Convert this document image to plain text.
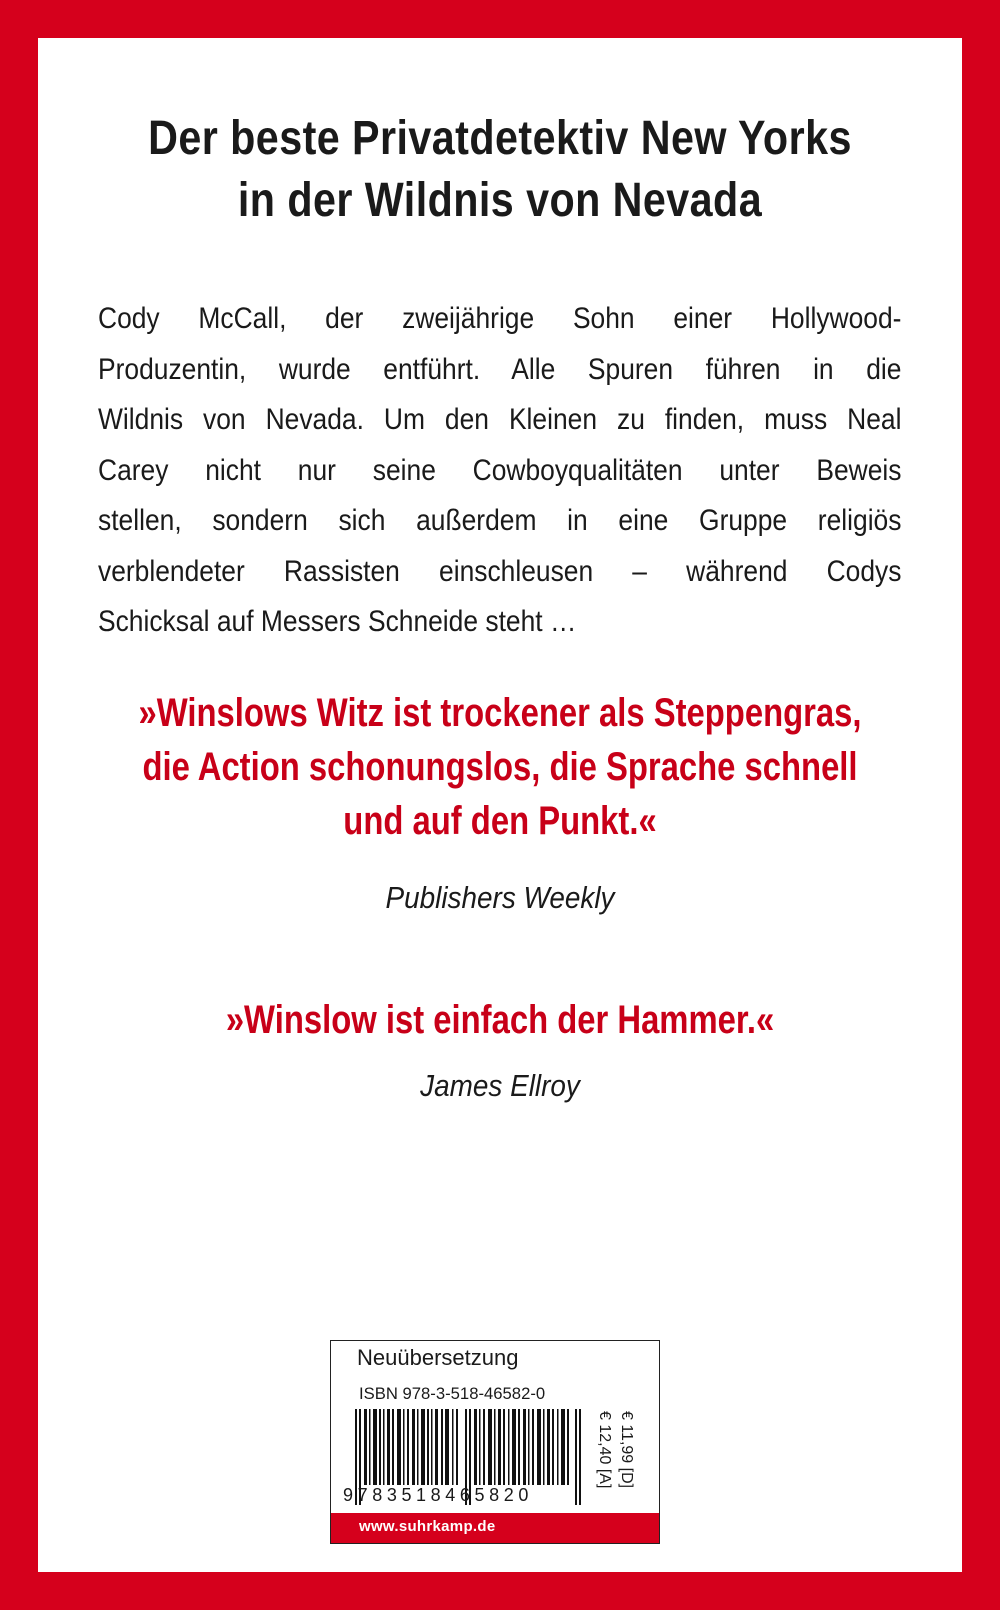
Der beste Privatdetektiv New Yorks
in der Wildnis von Nevada
Cody McCall, der zweijährige Sohn einer Hollywood-
Produzentin, wurde entführt. Alle Spuren führen in die
Wildnis von Nevada. Um den Kleinen zu finden, muss Neal
Carey nicht nur seine Cowboyqualitäten unter Beweis
stellen, sondern sich außerdem in eine Gruppe religiös
verblendeter Rassisten einschleusen – während Codys
Schicksal auf Messers Schneide steht …
»Winslows Witz ist trockener als Steppengras,
die Action schonungslos, die Sprache schnell
und auf den Punkt.«
Publishers Weekly
»Winslow ist einfach der Hammer.«
James Ellroy
Neuübersetzung
ISBN 978-3-518-46582-0
9783518465820
€ 11,99 [D]
€ 12,40 [A]
www.suhrkamp.de
